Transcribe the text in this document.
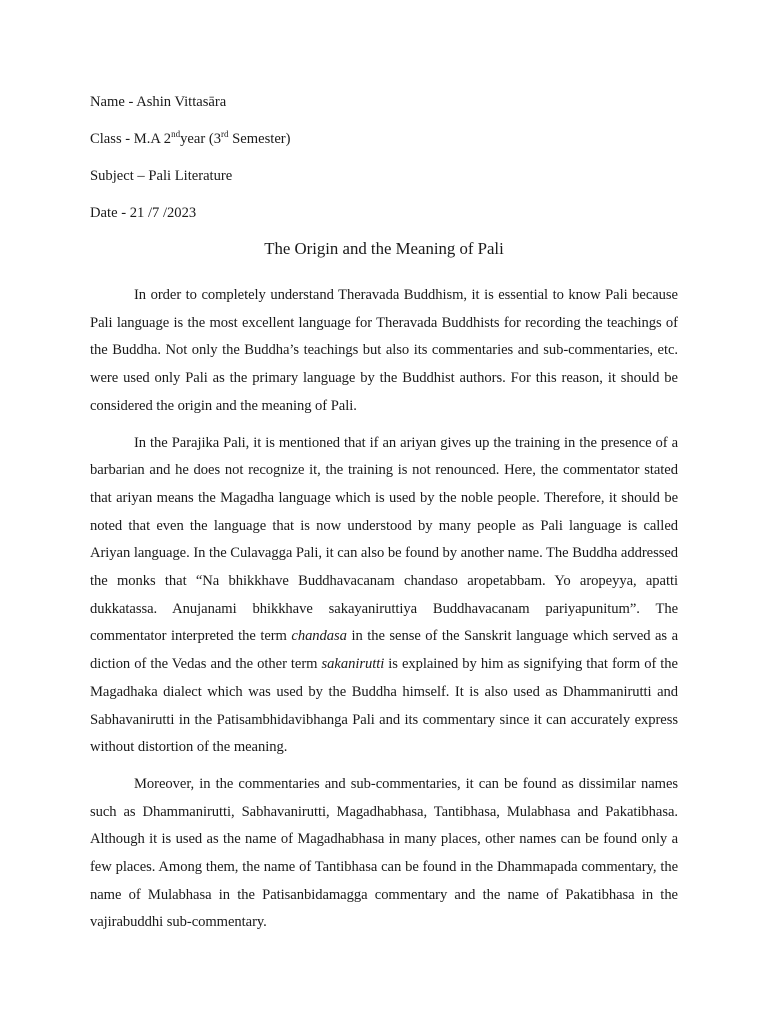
Name - Ashin Vittasāra
Class - M.A 2ndyear (3rd Semester)
Subject – Pali Literature
Date - 21 /7 /2023
The Origin and the Meaning of Pali

In order to completely understand Theravada Buddhism, it is essential to know Pali because Pali language is the most excellent language for Theravada Buddhists for recording the teachings of the Buddha. Not only the Buddha’s teachings but also its commentaries and sub-commentaries, etc. were used only Pali as the primary language by the Buddhist authors. For this reason, it should be considered the origin and the meaning of Pali.

In the Parajika Pali, it is mentioned that if an ariyan gives up the training in the presence of a barbarian and he does not recognize it, the training is not renounced. Here, the commentator stated that ariyan means the Magadha language which is used by the noble people. Therefore, it should be noted that even the language that is now understood by many people as Pali language is called Ariyan language. In the Culavagga Pali, it can also be found by another name. The Buddha addressed the monks that “Na bhikkhave Buddhavacanam chandaso aropetabbam. Yo aropeyya, apatti dukkatassa. Anujanami bhikkhave sakayaniruttiya Buddhavacanam pariyapunitum”. The commentator interpreted the term chandasa in the sense of the Sanskrit language which served as a diction of the Vedas and the other term sakanirutti is explained by him as signifying that form of the Magadhaka dialect which was used by the Buddha himself. It is also used as Dhammanirutti and Sabhavanirutti in the Patisambhidavibhanga Pali and its commentary since it can accurately express without distortion of the meaning.

Moreover, in the commentaries and sub-commentaries, it can be found as dissimilar names such as Dhammanirutti, Sabhavanirutti, Magadhabhasa, Tantibhasa, Mulabhasa and Pakatibhasa. Although it is used as the name of Magadhabhasa in many places, other names can be found only a few places. Among them, the name of Tantibhasa can be found in the Dhammapada commentary, the name of Mulabhasa in the Patisanbidamagga commentary and the name of Pakatibhasa in the vajirabuddhi sub-commentary.
